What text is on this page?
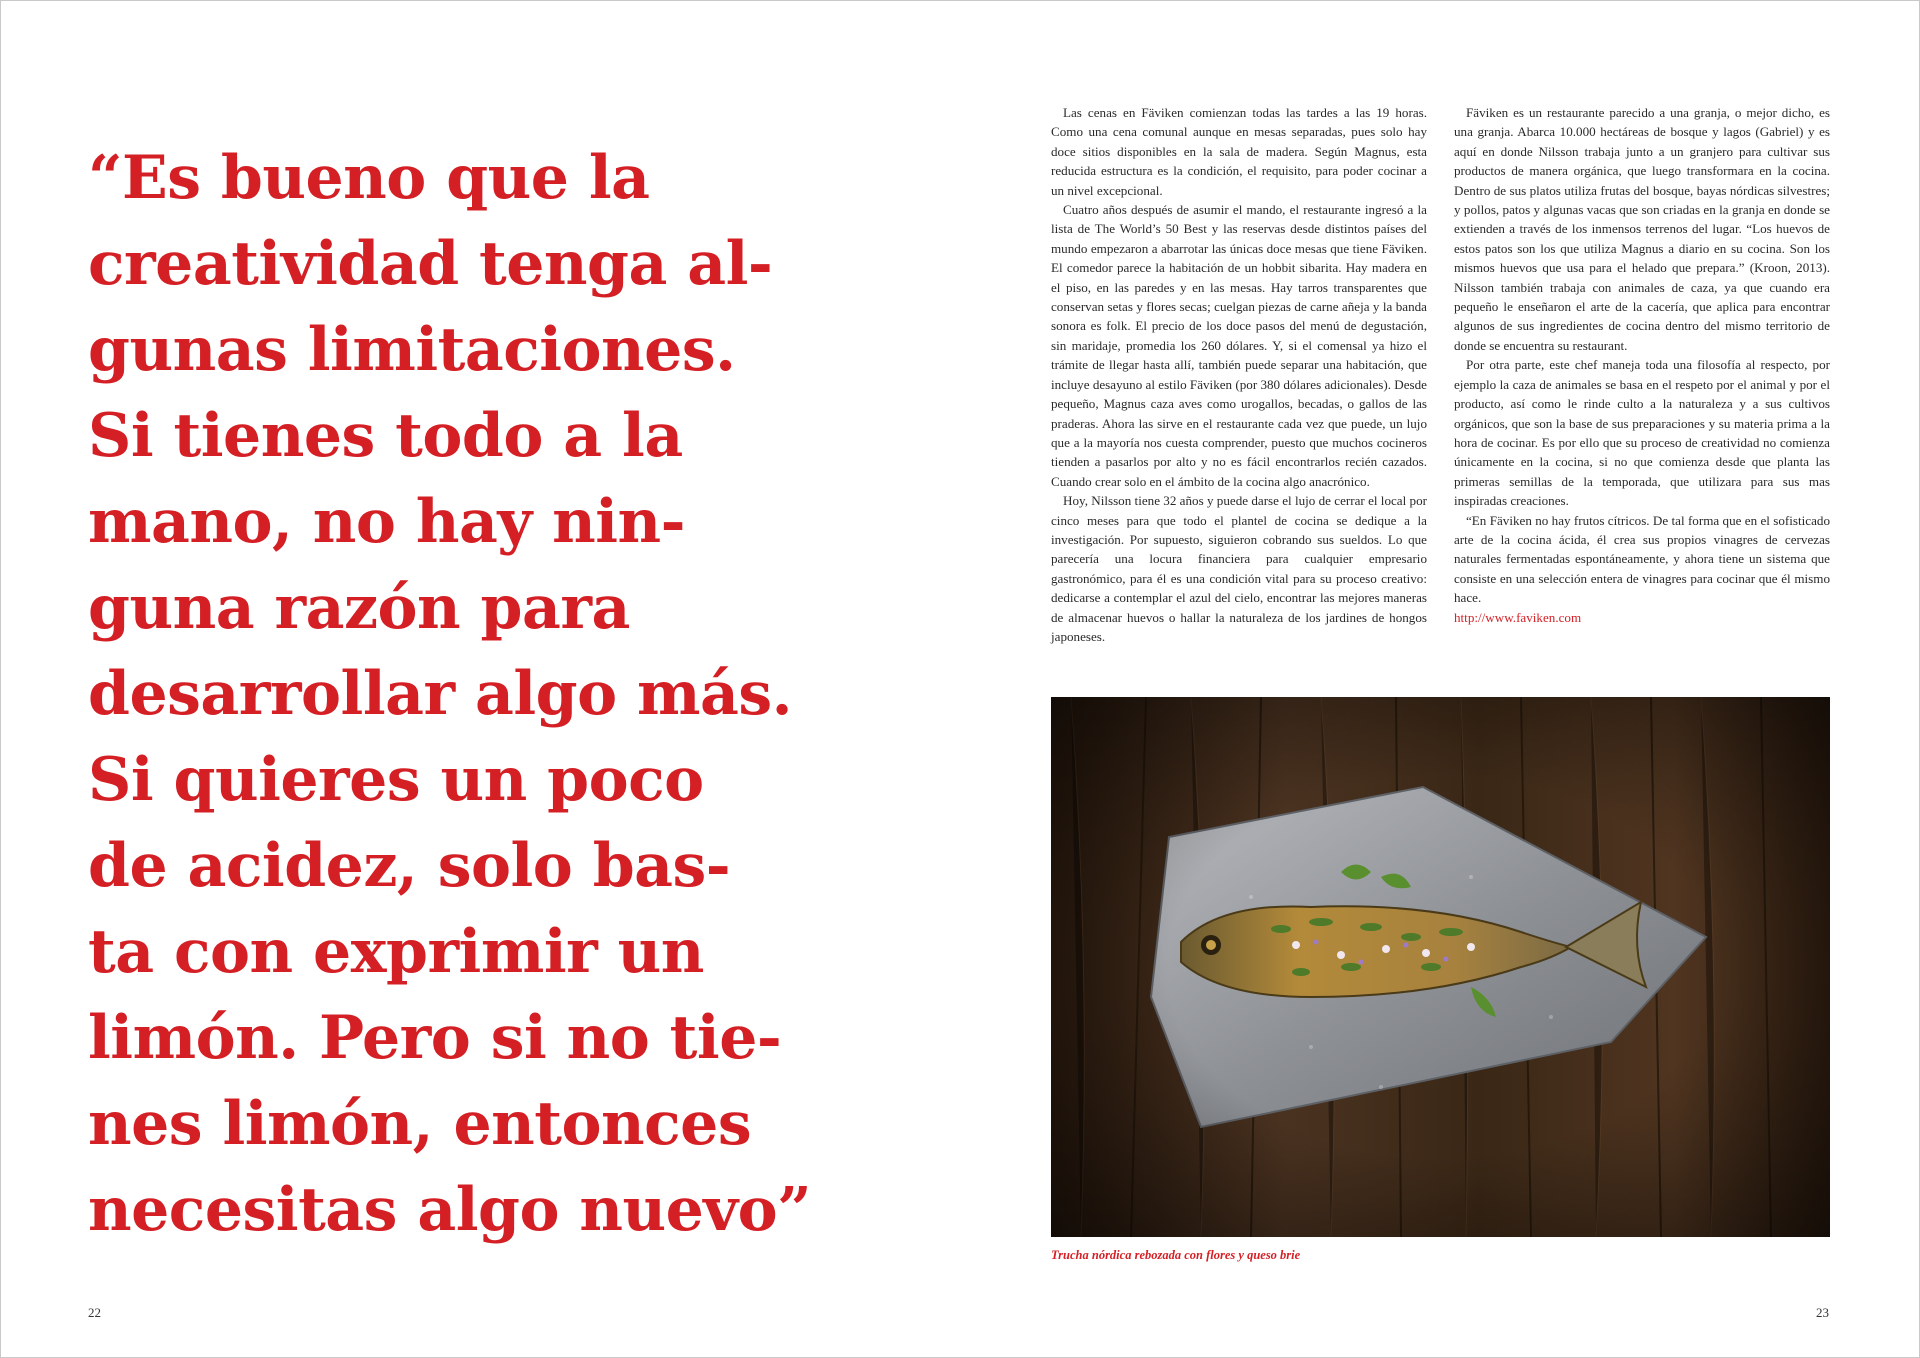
“Es bueno que la
creatividad tenga al-
gunas limitaciones.
Si tienes todo a la
mano, no hay nin-
guna razón para
desarrollar algo más.
Si quieres un poco
de acidez, solo bas-
ta con exprimir un
limón. Pero si no tie-
nes limón, entonces
necesitas algo nuevo”
22

Las cenas en Fäviken comienzan todas las tardes a las 19 horas. Como una cena comunal aunque en mesas separadas, pues solo hay doce sitios disponibles en la sala de madera. Según Magnus, esta reducida estructura es la condición, el requisito, para poder cocinar a un nivel excepcional.

Cuatro años después de asumir el mando, el restaurante ingresó a la lista de The World’s 50 Best y las reservas desde distintos países del mundo empezaron a abarrotar las únicas doce mesas que tiene Fäviken. El comedor parece la habitación de un hobbit sibarita. Hay madera en el piso, en las paredes y en las mesas. Hay tarros transparentes que conservan setas y flores secas; cuelgan piezas de carne añeja y la banda sonora es folk. El precio de los doce pasos del menú de degustación, sin maridaje, promedia los 260 dólares. Y, si el comensal ya hizo el trámite de llegar hasta allí, también puede separar una habitación, que incluye desayuno al estilo Fäviken (por 380 dólares adicionales). Desde pequeño, Magnus caza aves como urogallos, becadas, o gallos de las praderas. Ahora las sirve en el restaurante cada vez que puede, un lujo que a la mayoría nos cuesta comprender, puesto que muchos cocineros tienden a pasarlos por alto y no es fácil encontrarlos recién cazados. Cuando crear solo en el ámbito de la cocina algo anacrónico.

Hoy, Nilsson tiene 32 años y puede darse el lujo de cerrar el local por cinco meses para que todo el plantel de cocina se dedique a la investigación. Por supuesto, siguieron cobrando sus sueldos. Lo que parecería una locura financiera para cualquier empresario gastronómico, para él es una condición vital para su proceso creativo: dedicarse a contemplar el azul del cielo, encontrar las mejores maneras de almacenar huevos o hallar la naturaleza de los jardines de hongos japoneses.

Fäviken es un restaurante parecido a una granja, o mejor dicho, es una granja. Abarca 10.000 hectáreas de bosque y lagos (Gabriel) y es aquí en donde Nilsson trabaja junto a un granjero para cultivar sus productos de manera orgánica, que luego transformara en la cocina. Dentro de sus platos utiliza frutas del bosque, bayas nórdicas silvestres; y pollos, patos y algunas vacas que son criadas en la granja en donde se extienden a través de los inmensos terrenos del lugar. “Los huevos de estos patos son los que utiliza Magnus a diario en su cocina. Son los mismos huevos que usa para el helado que prepara.” (Kroon, 2013). Nilsson también trabaja con animales de caza, ya que cuando era pequeño le enseñaron el arte de la cacería, que aplica para encontrar algunos de sus ingredientes de cocina dentro del mismo territorio de donde se encuentra su restaurant.

Por otra parte, este chef maneja toda una filosofía al respecto, por ejemplo la caza de animales se basa en el respeto por el animal y por el producto, así como le rinde culto a la naturaleza y a sus cultivos orgánicos, que son la base de sus preparaciones y su materia prima a la hora de cocinar. Es por ello que su proceso de creatividad no comienza únicamente en la cocina, si no que comienza desde que planta las primeras semillas de la temporada, que utilizara para sus mas inspiradas creaciones.

“En Fäviken no hay frutos cítricos. De tal forma que en el sofisticado arte de la cocina ácida, él crea sus propios vinagres de cervezas naturales fermentadas espontáneamente, y ahora tiene un sistema que consiste en una selección entera de vinagres para cocinar que él mismo hace.

http://www.faviken.com

Trucha nórdica rebozada con flores y queso brie
23
